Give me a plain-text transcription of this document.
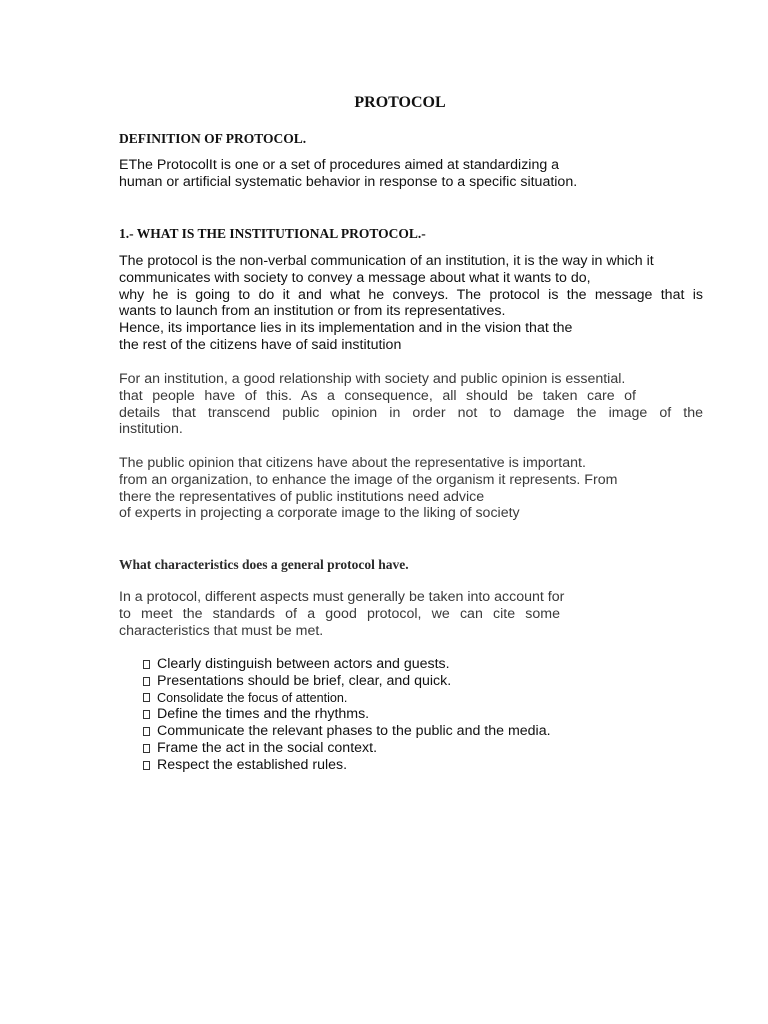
PROTOCOL
DEFINITION OF PROTOCOL.
EThe ProtocolIt is one or a set of procedures aimed at standardizing a
human or artificial systematic behavior in response to a specific situation.
1.- WHAT IS THE INSTITUTIONAL PROTOCOL.-
The protocol is the non-verbal communication of an institution, it is the way in which it
communicates with society to convey a message about what it wants to do,
why he is going to do it and what he conveys. The protocol is the message that is
wants to launch from an institution or from its representatives.
Hence, its importance lies in its implementation and in the vision that the
the rest of the citizens have of said institution
For an institution, a good relationship with society and public opinion is essential.
that people have of this. As a consequence, all should be taken care of
details that transcend public opinion in order not to damage the image of the
institution.
The public opinion that citizens have about the representative is important.
from an organization, to enhance the image of the organism it represents. From
there the representatives of public institutions need advice
of experts in projecting a corporate image to the liking of society
What characteristics does a general protocol have.
In a protocol, different aspects must generally be taken into account for
to meet the standards of a good protocol, we can cite some
characteristics that must be met.
Clearly distinguish between actors and guests.
Presentations should be brief, clear, and quick.
Consolidate the focus of attention.
Define the times and the rhythms.
Communicate the relevant phases to the public and the media.
Frame the act in the social context.
Respect the established rules.
